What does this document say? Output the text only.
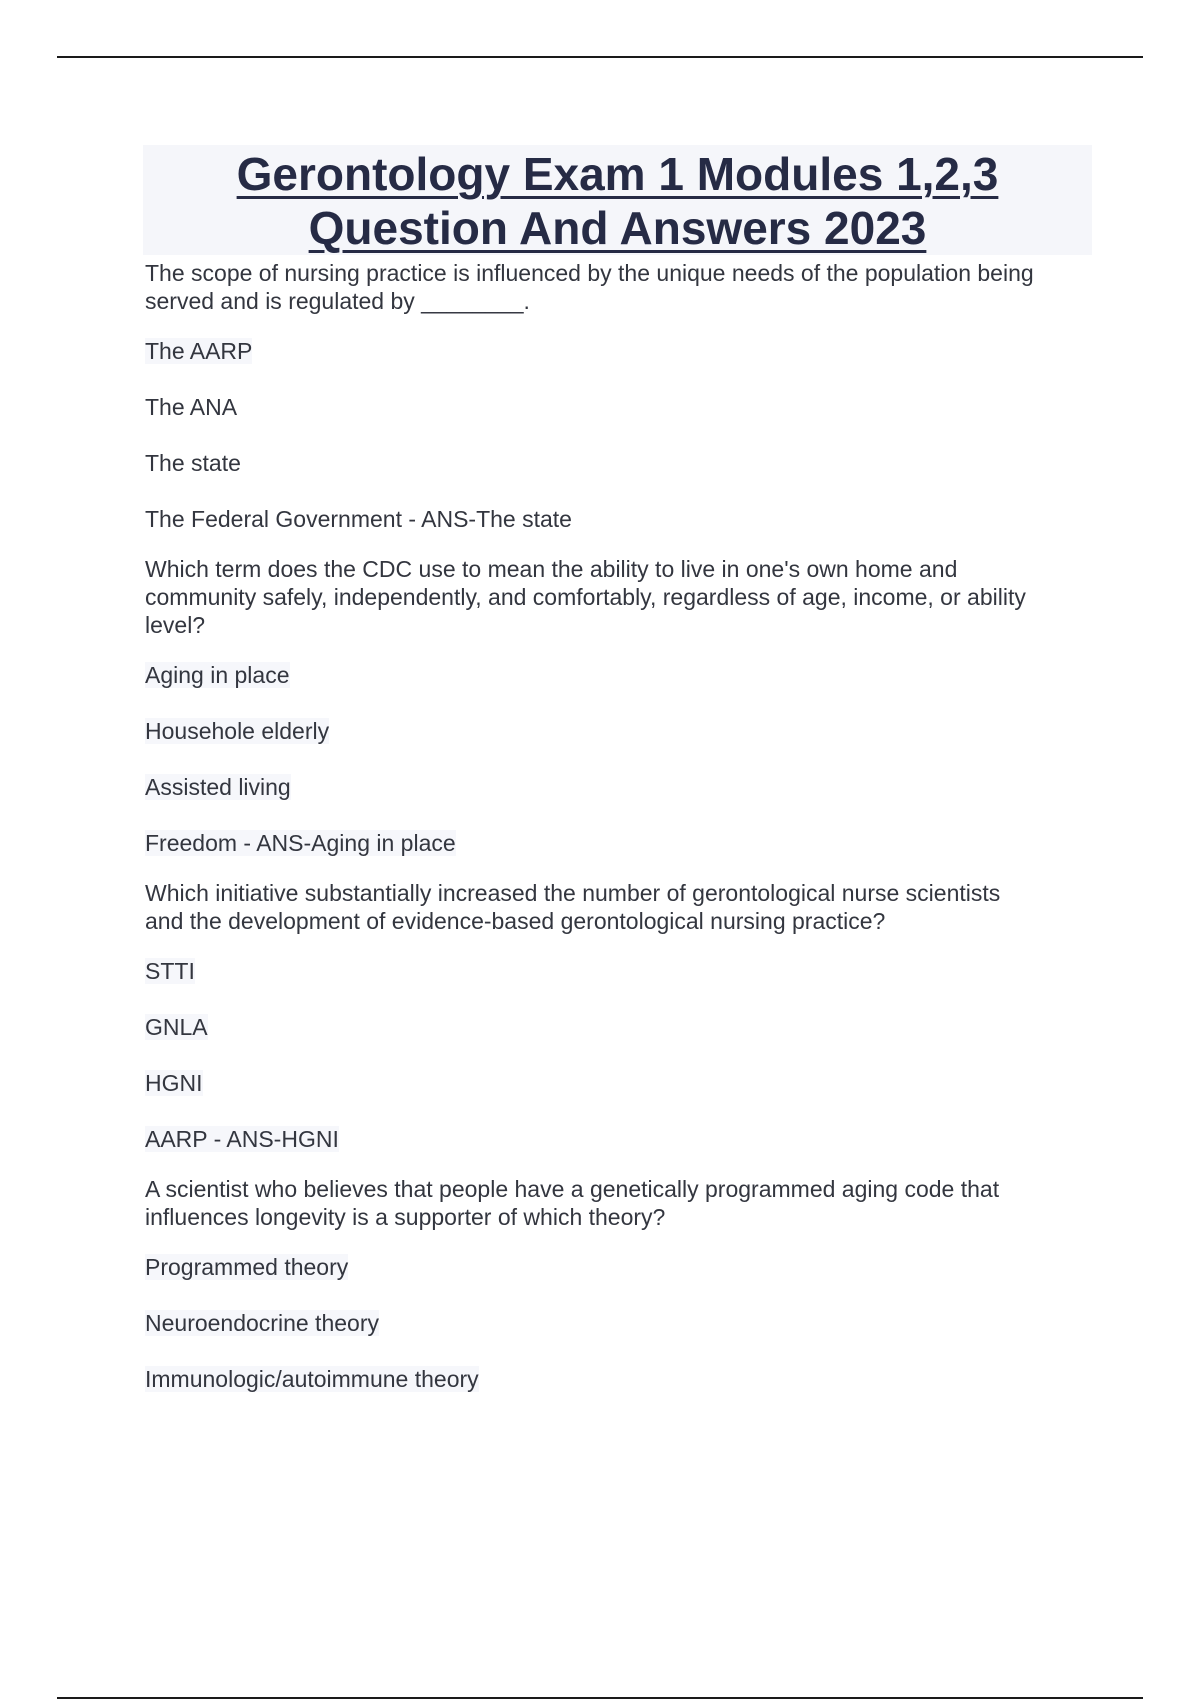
Gerontology Exam 1 Modules 1,2,3
Question And Answers 2023
The scope of nursing practice is influenced by the unique needs of the population being
served and is regulated by ________.
The AARP
The ANA
The state
The Federal Government - ANS-The state
Which term does the CDC use to mean the ability to live in one's own home and
community safely, independently, and comfortably, regardless of age, income, or ability
level?
Aging in place
Househole elderly
Assisted living
Freedom - ANS-Aging in place
Which initiative substantially increased the number of gerontological nurse scientists
and the development of evidence-based gerontological nursing practice?
STTI
GNLA
HGNI
AARP - ANS-HGNI
A scientist who believes that people have a genetically programmed aging code that
influences longevity is a supporter of which theory?
Programmed theory
Neuroendocrine theory
Immunologic/autoimmune theory
